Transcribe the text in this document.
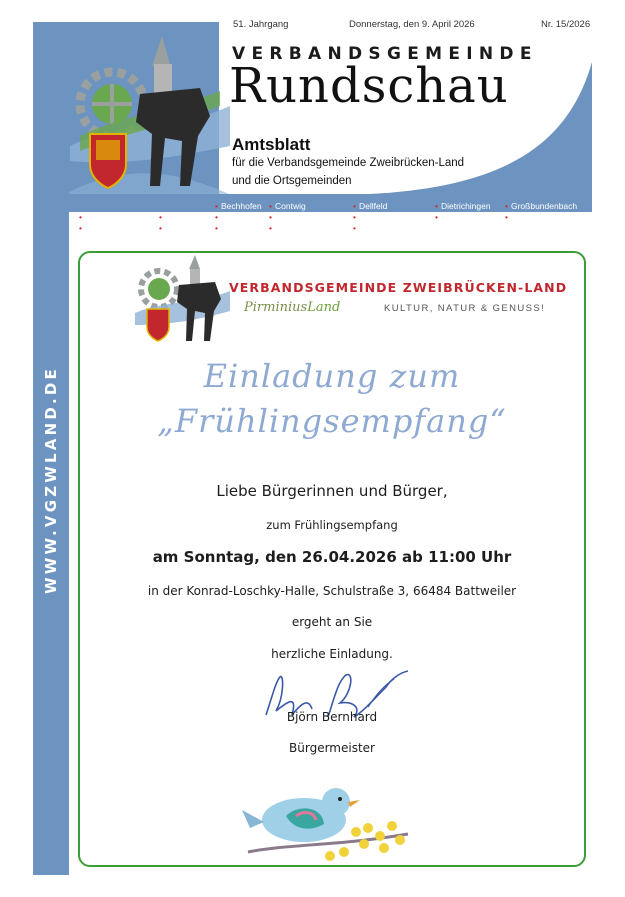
WWW.VGZWLAND.DE
51. Jahrgang	Donnerstag, den 9. April 2026	Nr. 15/2026
VERBANDSGEMEINDE
Rundschau
Amtsblatt
für die Verbandsgemeinde Zweibrücken-Land
und die Ortsgemeinden
• Althornbach
• Großsteinhausen
• Battweiler
• Hornbach
• Bechhofen
• Käshofen
• Rosenkopf
• Contwig
• Kleinbundenbach
• Walshausen
• Dellfeld
• Kleinsteinhausen
• Wiesbach
• Dietrichingen
• Mauschbach
• Großbundenbach
• Riedelberg
VERBANDSGEMEINDE ZWEIBRÜCKEN-LAND
PirminiusLand	KULTUR, NATUR & GENUSS!
Einladung zum
„Frühlingsempfang“
Liebe Bürgerinnen und Bürger,
zum Frühlingsempfang
am Sonntag, den 26.04.2026 ab 11:00 Uhr
in der Konrad-Loschky-Halle, Schulstraße 3, 66484 Battweiler
ergeht an Sie
herzliche Einladung.
Björn Bernhard
Bürgermeister
